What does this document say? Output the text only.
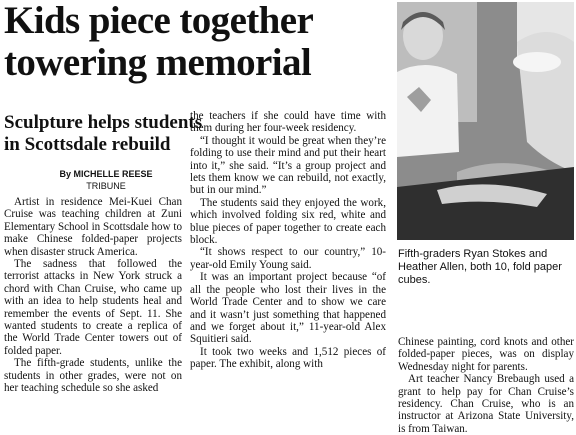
Kids piece together
towering memorial
Sculpture helps students
in Scottsdale rebuild
By MICHELLE REESE
TRIBUNE

Artist in residence Mei-Kuei Chan Cruise was teaching children at Zuni Elementary School in Scottsdale how to make Chinese folded-paper projects when disaster struck America.

The sadness that followed the terrorist attacks in New York struck a chord with Chan Cruise, who came up with an idea to help students heal and remember the events of Sept. 11. She wanted students to create a replica of the World Trade Center towers out of folded paper.

The fifth-grade students, unlike the students in other grades, were not on her teaching schedule so she asked

the teachers if she could have time with them during her four-week residency.

“I thought it would be great when they’re folding to use their mind and put their heart into it,” she said. “It’s a group project and lets them know we can rebuild, not exactly, but in our mind.”

The students said they enjoyed the work, which involved folding six red, white and blue pieces of paper together to create each block.

“It shows respect to our country,” 10-year-old Emily Young said.

It was an important project because “of all the people who lost their lives in the World Trade Center and to show we care and it wasn’t just something that happened and we forget about it,” 11-year-old Alex Squitieri said.

It took two weeks and 1,512 pieces of paper. The exhibit, along with

Fifth-graders Ryan Stokes and Heather Allen, both 10, fold paper cubes.

Chinese painting, cord knots and other folded-paper pieces, was on display Wednesday night for parents.

Art teacher Nancy Brebaugh used a grant to help pay for Chan Cruise’s residency. Chan Cruise, who is an instructor at Arizona State University, is from Taiwan.
